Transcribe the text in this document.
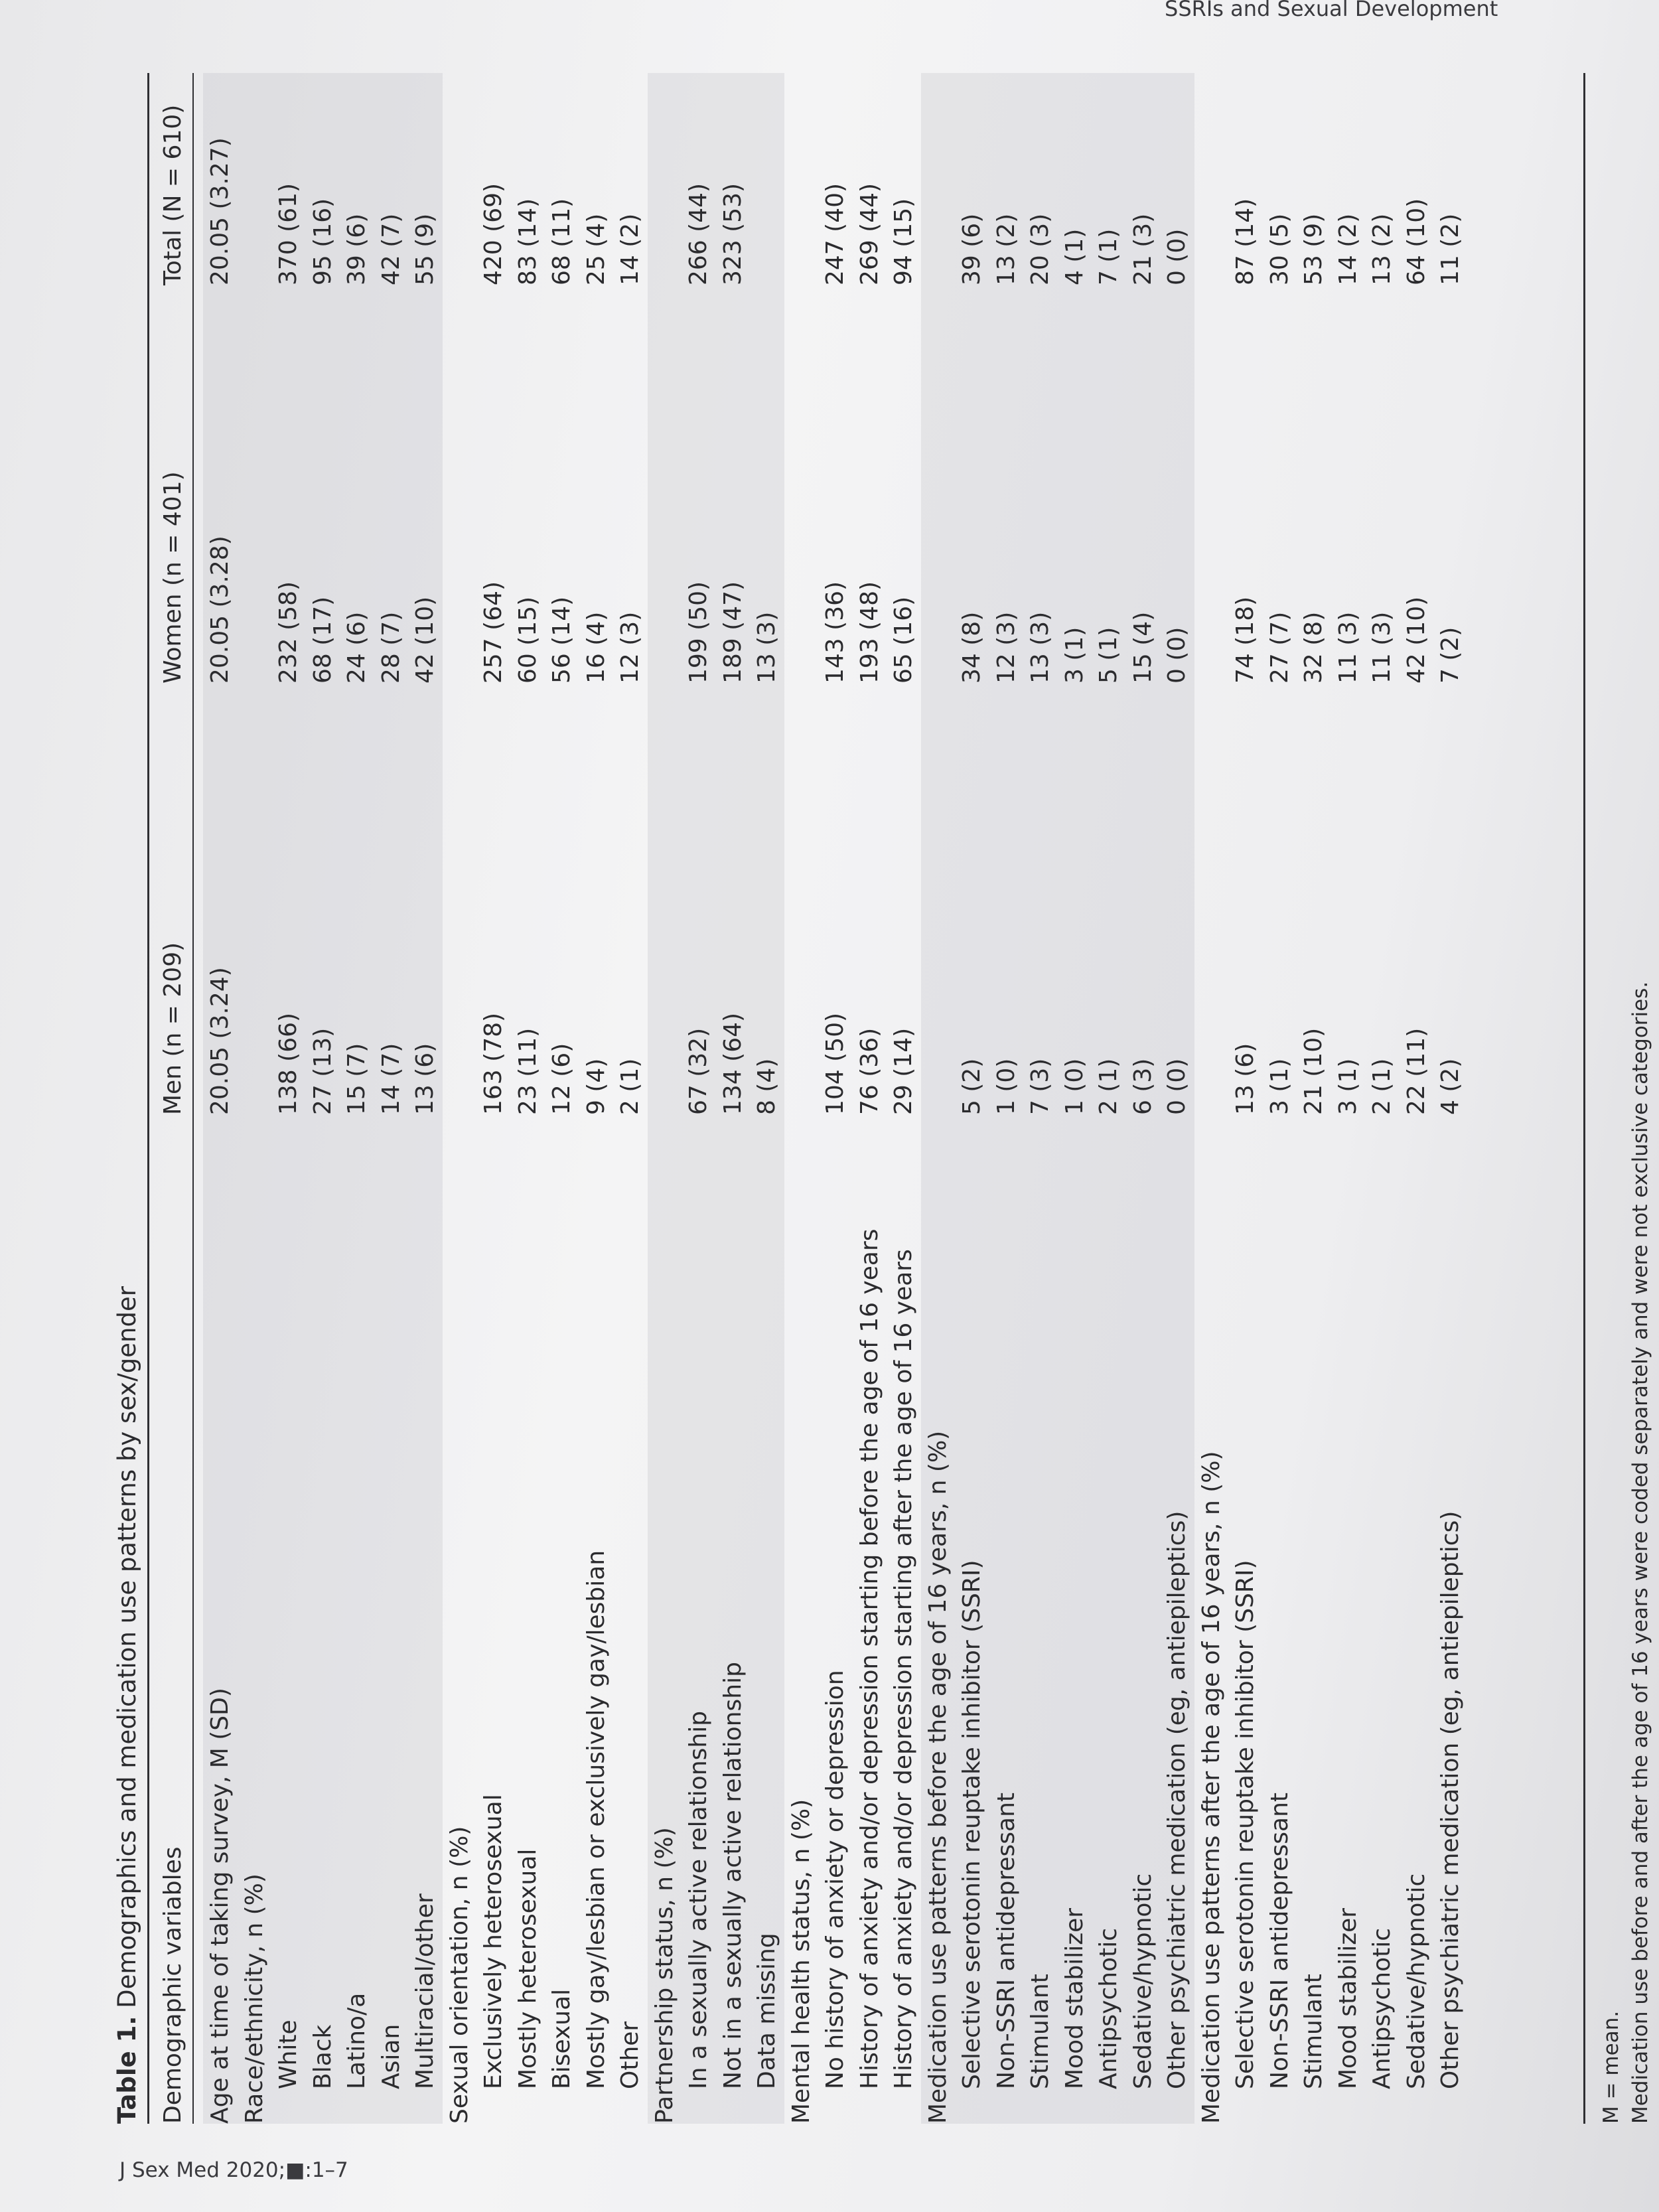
SSRIs and Sexual Development
J Sex Med 2020;■:1–7
Table 1. Demographics and medication use patterns by sex/gender Demographic variables
Men (n = 209)
Women (n = 401)
Total (N = 610)
Age at time of taking survey, M (SD)
20.05 (3.24)
20.05 (3.28)
20.05 (3.27)
Race/ethnicity, n (%) White
138 (66)
232 (58)
370 (61)
Black
27 (13)
68 (17)
95 (16)
Latino/a
15 (7)
24 (6)
39 (6)
Asian
14 (7)
28 (7)
42 (7)
Multiracial/other
13 (6)
42 (10)
55 (9)
Sexual orientation, n (%) Exclusively heterosexual
163 (78)
257 (64)
420 (69)
Mostly heterosexual
23 (11)
60 (15)
83 (14)
Bisexual
12 (6)
56 (14)
68 (11)
Mostly gay/lesbian or exclusively gay/lesbian
9 (4)
16 (4)
25 (4)
Other
2 (1)
12 (3)
14 (2)
Partnership status, n (%) In a sexually active relationship
67 (32)
199 (50)
266 (44)
Not in a sexually active relationship
134 (64)
189 (47)
323 (53)
Data missing
8 (4)
13 (3)
Mental health status, n (%) No history of anxiety or depression
104 (50)
143 (36)
247 (40)
History of anxiety and/or depression starting before the age of 16 years
76 (36)
193 (48)
269 (44)
History of anxiety and/or depression starting after the age of 16 years
29 (14)
65 (16)
94 (15)
Medication use patterns before the age of 16 years, n (%) Selective serotonin reuptake inhibitor (SSRI)
5 (2)
34 (8)
39 (6)
Non-SSRI antidepressant
1 (0)
12 (3)
13 (2)
Stimulant
7 (3)
13 (3)
20 (3)
Mood stabilizer
1 (0)
3 (1)
4 (1)
Antipsychotic
2 (1)
5 (1)
7 (1)
Sedative/hypnotic
6 (3)
15 (4)
21 (3)
Other psychiatric medication (eg, antiepileptics)
0 (0)
0 (0)
0 (0)
Medication use patterns after the age of 16 years, n (%) Selective serotonin reuptake inhibitor (SSRI)
13 (6)
74 (18)
87 (14)
Non-SSRI antidepressant
3 (1)
27 (7)
30 (5)
Stimulant
21 (10)
32 (8)
53 (9)
Mood stabilizer
3 (1)
11 (3)
14 (2)
Antipsychotic
2 (1)
11 (3)
13 (2)
Sedative/hypnotic
22 (11)
42 (10)
64 (10)
Other psychiatric medication (eg, antiepileptics)
4 (2)
7 (2)
11 (2)
M = mean. Medication use before and after the age of 16 years were coded separately and were not exclusive categories.
